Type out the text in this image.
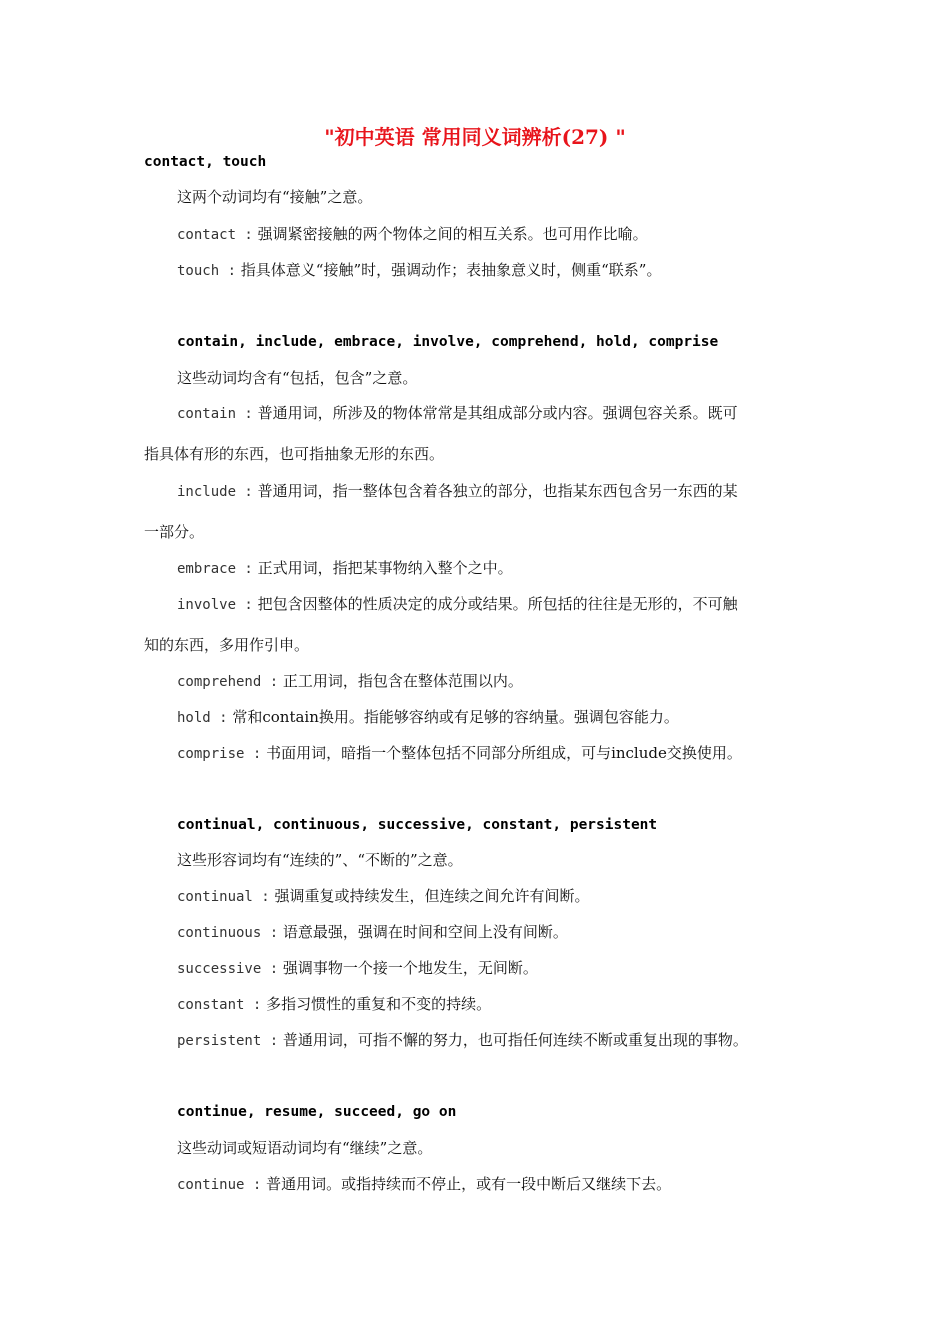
"初中英语 常用同义词辨析(27) "
contact, touch
这两个动词均有“接触”之意。
contact : 强调紧密接触的两个物体之间的相互关系。也可用作比喻。
touch : 指具体意义“接触”时，强调动作；表抽象意义时，侧重“联系”。
contain, include, embrace, involve, comprehend, hold, comprise
这些动词均含有“包括，包含”之意。
contain : 普通用词，所涉及的物体常常是其组成部分或内容。强调包容关系。既可
指具体有形的东西，也可指抽象无形的东西。
include : 普通用词，指一整体包含着各独立的部分，也指某东西包含另一东西的某
一部分。
embrace : 正式用词，指把某事物纳入整个之中。
involve : 把包含因整体的性质决定的成分或结果。所包括的往往是无形的，不可触
知的东西，多用作引申。
comprehend : 正工用词，指包含在整体范围以内。
hold : 常和contain换用。指能够容纳或有足够的容纳量。强调包容能力。
comprise : 书面用词，暗指一个整体包括不同部分所组成，可与include交换使用。
continual, continuous, successive, constant, persistent
这些形容词均有“连续的”、“不断的”之意。
continual : 强调重复或持续发生，但连续之间允许有间断。
continuous : 语意最强，强调在时间和空间上没有间断。
successive : 强调事物一个接一个地发生，无间断。
constant : 多指习惯性的重复和不变的持续。
persistent : 普通用词，可指不懈的努力，也可指任何连续不断或重复出现的事物。
continue, resume, succeed, go on
这些动词或短语动词均有“继续”之意。
continue : 普通用词。或指持续而不停止，或有一段中断后又继续下去。
